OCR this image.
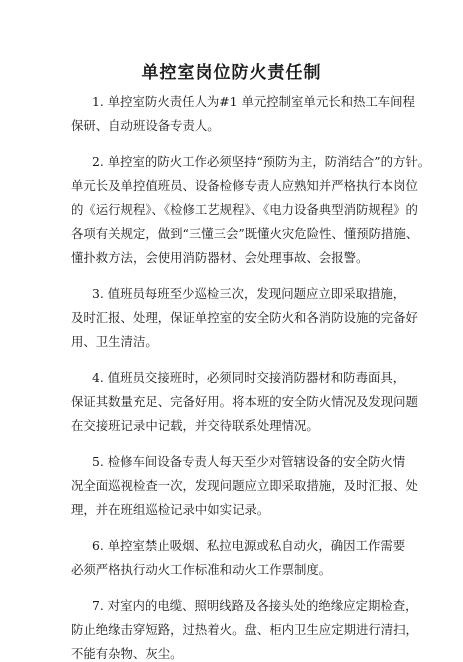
单控室岗位防火责任制
1. 单控室防火责任人为#1 单元控制室单元长和热工车间程
保研、自动班设备专责人。
2. 单控室的防火工作必须坚持“预防为主，防消结合”的方针。
单元长及单控值班员、设备检修专责人应熟知并严格执行本岗位
的《运行规程》、《检修工艺规程》、《电力设备典型消防规程》的
各项有关规定，做到“三懂三会”既懂火灾危险性、懂预防措施、
懂扑救方法，会使用消防器材、会处理事故、会报警。
3. 值班员每班至少巡检三次，发现问题应立即采取措施，
及时汇报、处理，保证单控室的安全防火和各消防设施的完备好
用、卫生清洁。
4. 值班员交接班时，必须同时交接消防器材和防毒面具，
保证其数量充足、完备好用。将本班的安全防火情况及发现问题
在交接班记录中记载，并交待联系处理情况。
5. 检修车间设备专责人每天至少对管辖设备的安全防火情
况全面巡视检查一次，发现问题应立即采取措施，及时汇报、处
理，并在班组巡检记录中如实记录。
6. 单控室禁止吸烟、私拉电源或私自动火，确因工作需要
必须严格执行动火工作标准和动火工作票制度。
7. 对室内的电缆、照明线路及各接头处的绝缘应定期检查，
防止绝缘击穿短路，过热着火。盘、柜内卫生应定期进行清扫，
不能有杂物、灰尘。
